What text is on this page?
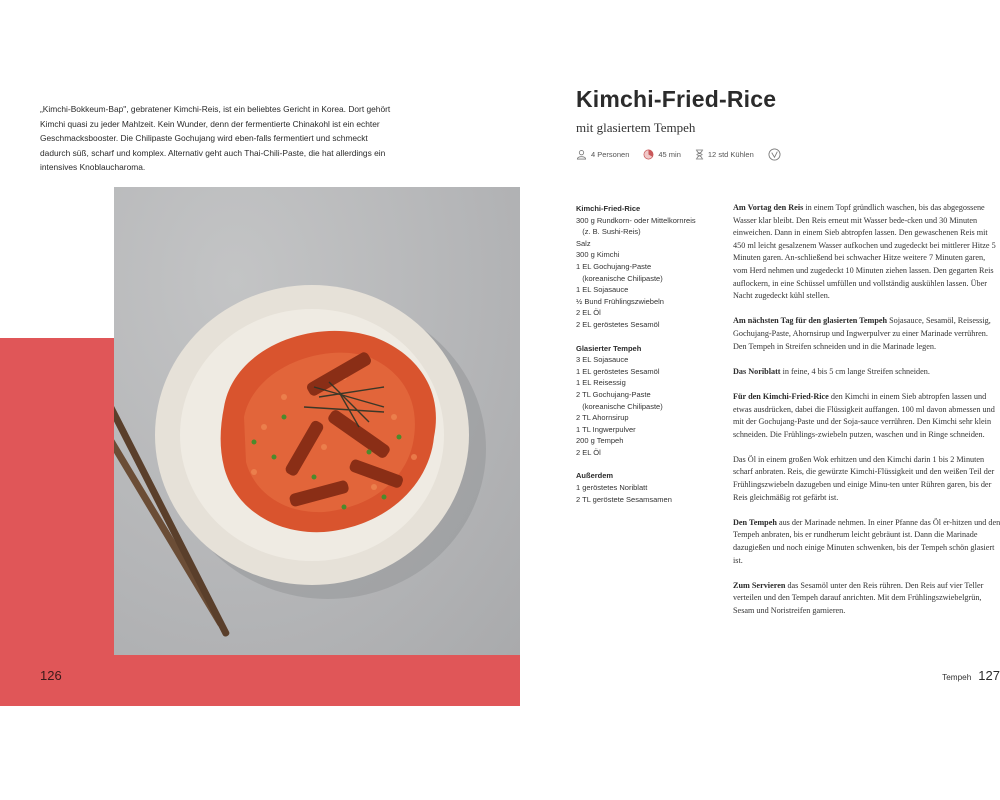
„Kimchi-Bokkeum-Bap", gebratener Kimchi-Reis, ist ein beliebtes Gericht in Korea. Dort gehört Kimchi quasi zu jeder Mahlzeit. Kein Wunder, denn der fermentierte Chinakohl ist ein echter Geschmacksbooster. Die Chilipaste Gochujang wird eben-falls fermentiert und schmeckt dadurch süß, scharf und komplex. Alternativ geht auch Thai-Chili-Paste, die hat allerdings ein intensives Knoblaucharoma.

126
Kimchi-Fried-Rice
mit glasiertem Tempeh
4 Personen	45 min	12 std Kühlen
Kimchi-Fried-Rice
300 g Rundkorn- oder Mittelkornreis
(z. B. Sushi-Reis)
Salz
300 g Kimchi
1 EL Gochujang-Paste
(koreanische Chilipaste)
1 EL Sojasauce
½ Bund Frühlingszwiebeln
2 EL Öl
2 EL geröstetes Sesamöl
Glasierter Tempeh
3 EL Sojasauce
1 EL geröstetes Sesamöl
1 EL Reisessig
2 TL Gochujang-Paste
(koreanische Chilipaste)
2 TL Ahornsirup
1 TL Ingwerpulver
200 g Tempeh
2 EL Öl
Außerdem
1 geröstetes Noriblatt
2 TL geröstete Sesamsamen

Am Vortag den Reis in einem Topf gründlich waschen, bis das abgegossene Wasser klar bleibt. Den Reis erneut mit Wasser bede-cken und 30 Minuten einweichen. Dann in einem Sieb abtropfen lassen. Den gewaschenen Reis mit 450 ml leicht gesalzenem Wasser aufkochen und zugedeckt bei mittlerer Hitze 5 Minuten garen. An-schließend bei schwacher Hitze weitere 7 Minuten garen, vom Herd nehmen und zugedeckt 10 Minuten ziehen lassen. Den gegarten Reis auflockern, in eine Schüssel umfüllen und vollständig auskühlen lassen. Über Nacht zugedeckt kühl stellen.

Am nächsten Tag für den glasierten Tempeh Sojasauce, Sesamöl, Reisessig, Gochujang-Paste, Ahornsirup und Ingwerpulver zu einer Marinade verrühren. Den Tempeh in Streifen schneiden und in die Marinade legen.

Das Noriblatt in feine, 4 bis 5 cm lange Streifen schneiden.

Für den Kimchi-Fried-Rice den Kimchi in einem Sieb abtropfen lassen und etwas ausdrücken, dabei die Flüssigkeit auffangen. 100 ml davon abmessen und mit der Gochujang-Paste und der Soja-sauce verrühren. Den Kimchi sehr klein schneiden. Die Frühlings-zwiebeln putzen, waschen und in Ringe schneiden.

Das Öl in einem großen Wok erhitzen und den Kimchi darin 1 bis 2 Minuten scharf anbraten. Reis, die gewürzte Kimchi-Flüssigkeit und den weißen Teil der Frühlingszwiebeln dazugeben und einige Minu-ten unter Rühren garen, bis der Reis gleichmäßig rot gefärbt ist.

Den Tempeh aus der Marinade nehmen. In einer Pfanne das Öl er-hitzen und den Tempeh anbraten, bis er rundherum leicht gebräunt ist. Dann die Marinade dazugießen und noch einige Minuten schwenken, bis der Tempeh schön glasiert ist.

Zum Servieren das Sesamöl unter den Reis rühren. Den Reis auf vier Teller verteilen und den Tempeh darauf anrichten. Mit dem Frühlingszwiebelgrün, Sesam und Noristreifen garnieren.

Tempeh 127
